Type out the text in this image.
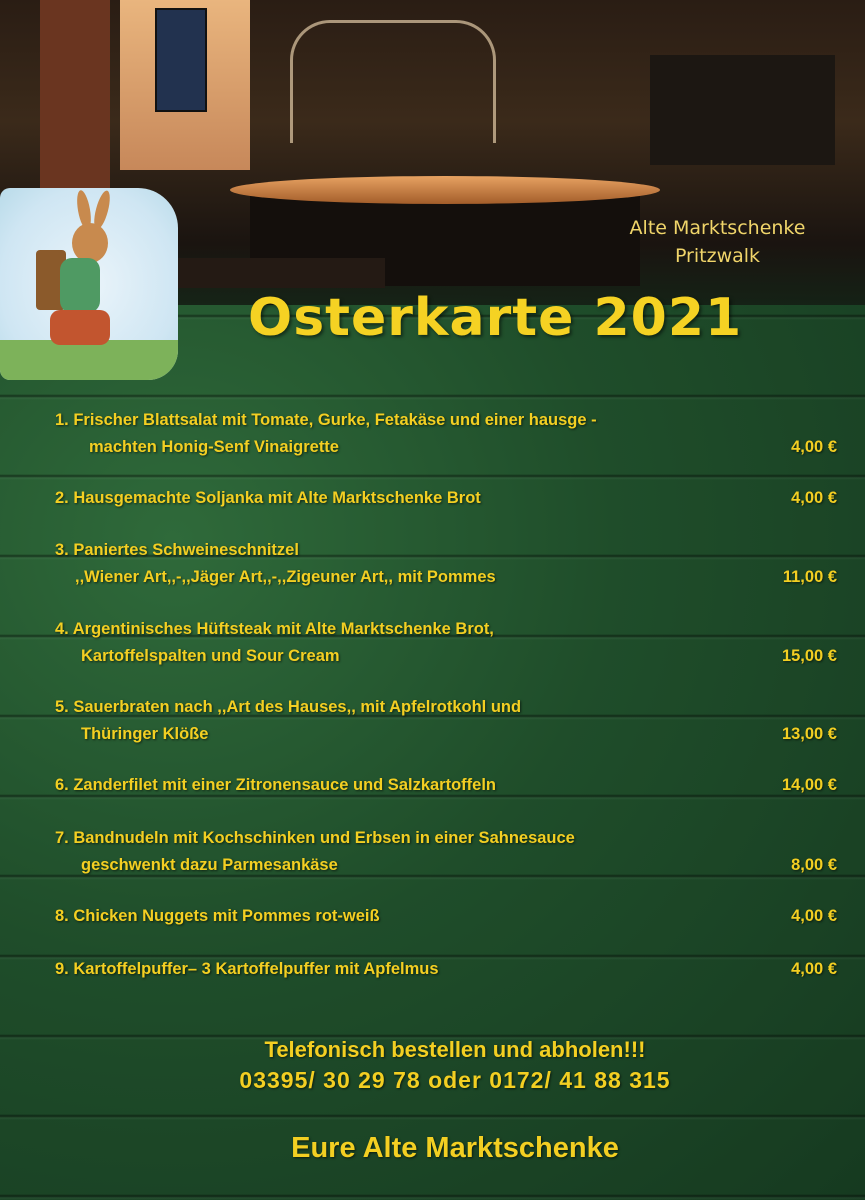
Alte Marktschenke
Pritzwalk
Osterkarte 2021
1. Frischer Blattsalat mit Tomate, Gurke, Fetakäse und einer hausge -
machten Honig-Senf Vinaigrette	4,00 €
2. Hausgemachte Soljanka mit Alte Marktschenke Brot	4,00 €
3. Paniertes Schweineschnitzel
,,Wiener Art,,-,,Jäger Art,,-,,Zigeuner Art,, mit Pommes	11,00 €
4. Argentinisches Hüftsteak mit Alte Marktschenke Brot,
Kartoffelspalten und Sour Cream	15,00 €
5. Sauerbraten nach ,,Art des Hauses,, mit Apfelrotkohl und
Thüringer Klöße	13,00 €
6. Zanderfilet mit einer Zitronensauce und Salzkartoffeln	14,00 €
7. Bandnudeln mit Kochschinken und Erbsen in einer Sahnesauce
geschwenkt dazu Parmesankäse	8,00 €
8. Chicken Nuggets mit Pommes rot-weiß	4,00 €
9. Kartoffelpuffer– 3 Kartoffelpuffer mit Apfelmus	4,00 €
Telefonisch bestellen und abholen!!!
03395/ 30 29 78 oder 0172/ 41 88 315
Eure Alte Marktschenke
